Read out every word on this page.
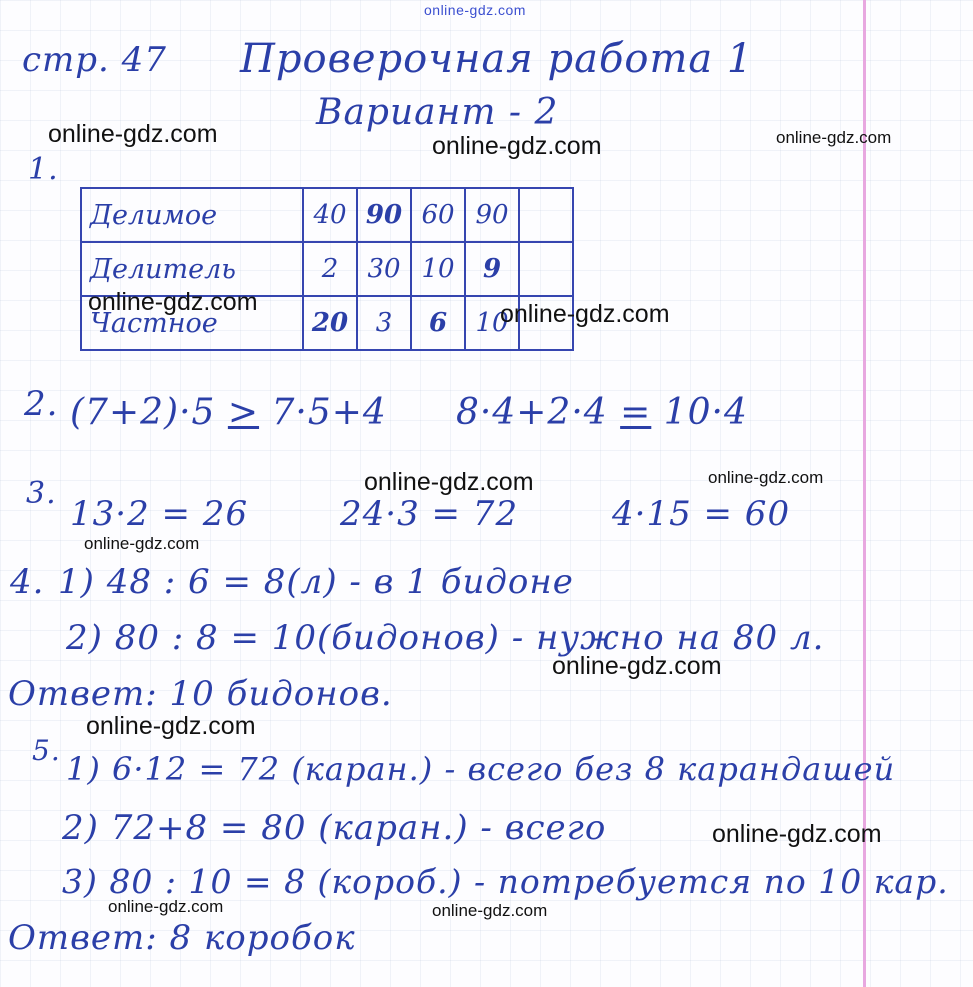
online-gdz.com
стр. 47 Проверочная работа 1
Вариант - 2
1.
Делимое	40	90	60	90	
Делитель	2	30	10	9	
Частное	20	3	6	10	
2. (7+2)·5 > 7·5+4 8·4+2·4 = 10·4
3.
13·2 = 26	24·3 = 72	4·15 = 60
4. 1) 48 : 6 = 8(л) - в 1 бидоне
2) 80 : 8 = 10(бидонов) - нужно на 80 л.
Ответ: 10 бидонов.
5. 1) 6·12 = 72 (каран.) - всего без 8 карандашей
2) 72+8 = 80 (каран.) - всего
3) 80 : 10 = 8 (короб.) - потребуется по 10 кар.
Ответ: 8 коробок
online-gdz.com	online-gdz.com	online-gdz.com
online-gdz.com	online-gdz.com
online-gdz.com	online-gdz.com
online-gdz.com
online-gdz.com
online-gdz.com
online-gdz.com
online-gdz.com	online-gdz.com
